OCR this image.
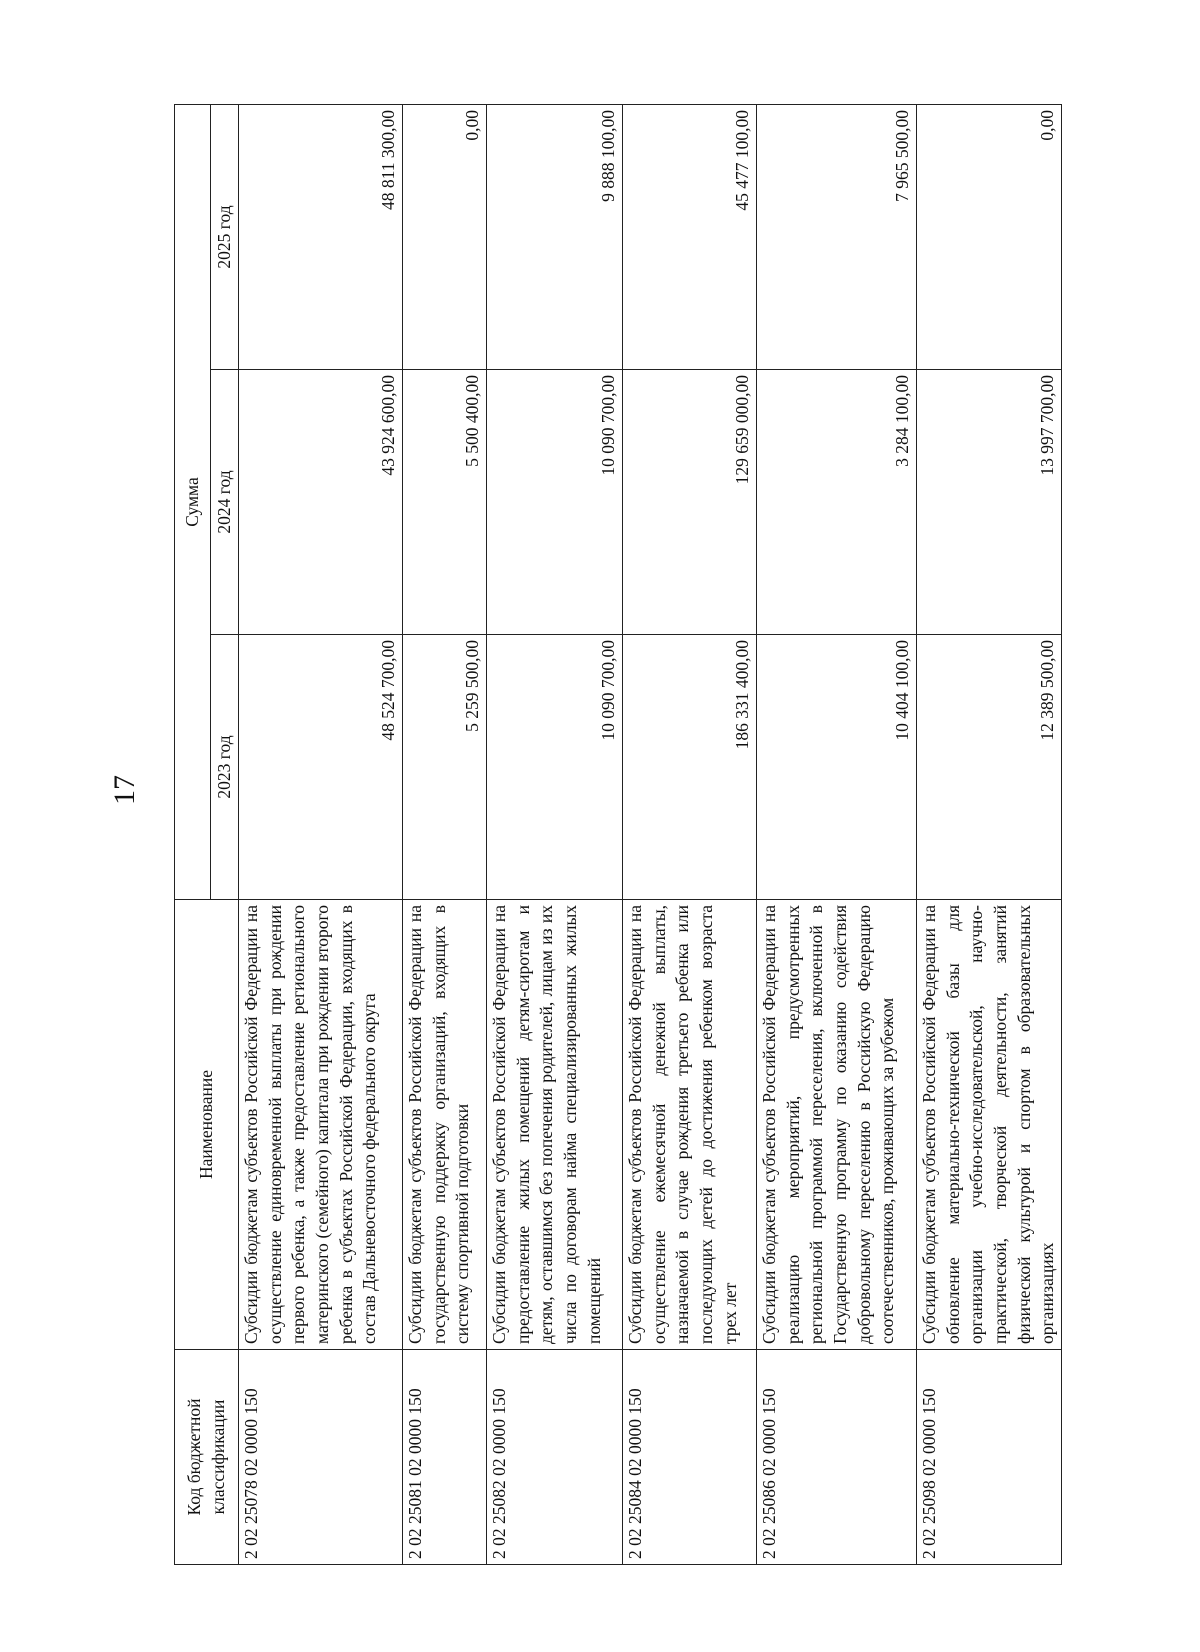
17
Код бюджетной классификации	Наименование	Сумма		
		2023 год	2024 год	2025 год
2 02 25078 02 0000 150	Субсидии бюджетам субъектов Российской Федерации на осуществление единовременной выплаты при рождении первого ребенка, а также предоставление регионального материнского (семейного) капитала при рождении второго ребенка в субъектах Российской Федерации, входящих в состав Дальневосточного федерального округа	48 524 700,00	43 924 600,00	48 811 300,00
2 02 25081 02 0000 150	Субсидии бюджетам субъектов Российской Федерации на государственную поддержку организаций, входящих в систему спортивной подготовки	5 259 500,00	5 500 400,00	0,00
2 02 25082 02 0000 150	Субсидии бюджетам субъектов Российской Федерации на предоставление жилых помещений детям-сиротам и детям, оставшимся без попечения родителей, лицам из их числа по договорам найма специализированных жилых помещений	10 090 700,00	10 090 700,00	9 888 100,00
2 02 25084 02 0000 150	Субсидии бюджетам субъектов Российской Федерации на осуществление ежемесячной денежной выплаты, назначаемой в случае рождения третьего ребенка или последующих детей до достижения ребенком возраста трех лет	186 331 400,00	129 659 000,00	45 477 100,00
2 02 25086 02 0000 150	Субсидии бюджетам субъектов Российской Федерации на реализацию мероприятий, предусмотренных региональной программой переселения, включенной в Государственную программу по оказанию содействия добровольному переселению в Российскую Федерацию соотечественников, проживающих за рубежом	10 404 100,00	3 284 100,00	7 965 500,00
2 02 25098 02 0000 150	Субсидии бюджетам субъектов Российской Федерации на обновление материально-технической базы для организации учебно-исследовательской, научно-практической, творческой деятельности, занятий физической культурой и спортом в образовательных организациях	12 389 500,00	13 997 700,00	0,00
